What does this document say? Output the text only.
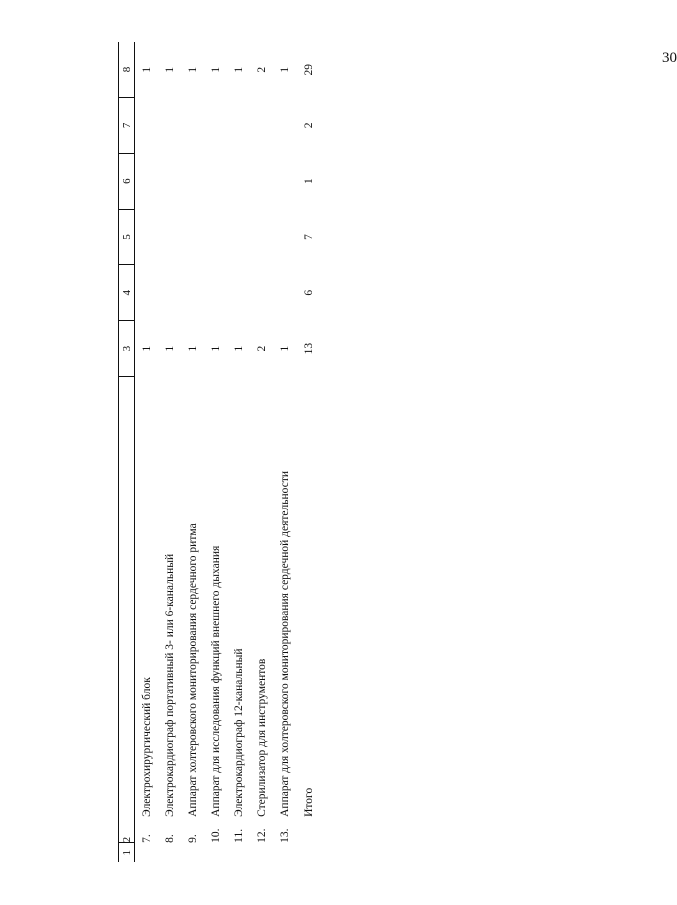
30
1	2	3	4	5	6	7	8
	7.Электрохирургический блок	1					1
	8.Электрокардиограф портативный 3- или 6-канальный	1					1
	9.Аппарат холтеровского мониторирования сердечного ритма	1					1
	10.Аппарат для исследования функций внешнего дыхания	1					1
	11.Электрокардиограф 12-канальный	1					1
	12.Стерилизатор для инструментов	2					2
	13.Аппарат для холтеровского мониторирования сердечной деятельности	1					1
	Итого	13	6	7	1	2	29
